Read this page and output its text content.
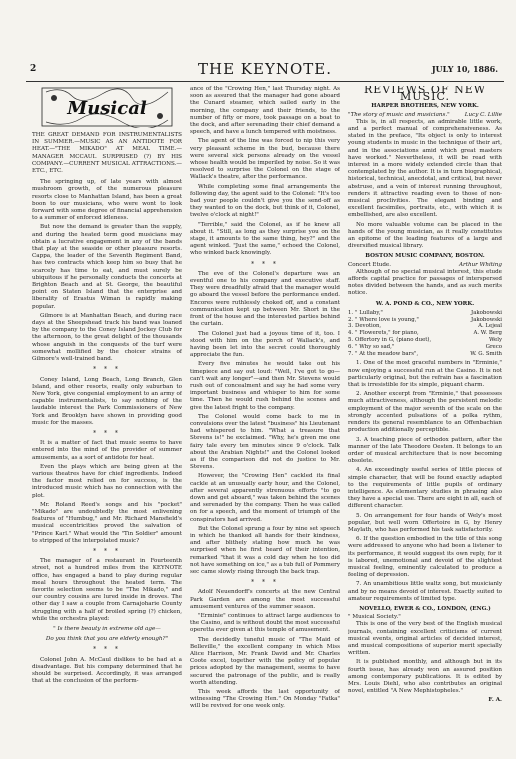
2	THE KEYNOTE.	JULY 10, 1886.
Musical

THE GREAT DEMAND FOR INSTRUMENTALISTS IN SUMMER.—MUSIC AS AN ANTIDOTE FOR HEAT.—"THE MIKADO" AT MEAL TIME.—MANAGER MCCAUL SURPRISED (?) BY HIS COMPANY.—CURRENT MUSICAL ATTRACTIONS.—ETC., ETC.

The springing up, of late years with almost mushroom growth, of the numerous pleasure resorts close to Manhattan Island, has been a great boon to our musicians, who were wont to look forward with some degree of financial apprehension to a summer of enforced idleness.

But now the demand is greater than the supply, and during the heated term good musicians may obtain a lucrative engagement in any of the bands that play at the seaside or other pleasure resorts. Cappa, the leader of the Seventh Regiment Band, has two contracts which keep him so busy that he scarcely has time to eat, and must surely be ubiquitous if he personally conducts the concerts at Brighton Beach and at St. George, the beautiful point on Staten Island that the enterprise and liberality of Erastus Wiman is rapidly making popular.

Gilmore is at Manhattan Beach, and during race days at the Sheepshead track his band was loaned by the company to the Coney Island Jockey Club for the afternoon, to the great delight of the thousands whose anguish in the conquests of the turf were somewhat mollified by the choicer strains of Gilmore's well-trained band.

* * *

Coney Island, Long Beach, Long Branch, Glen Island, and other resorts, really only suburban to New York, give congenial employment to an army of capable instrumentalists, to say nothing of the laudable interest the Park Commissioners of New York and Brooklyn have shown in providing good music for the masses.

* * *

It is a matter of fact that music seems to have entered into the mind of the provider of summer amusements, as a sort of antidote for heat.

Even the plays which are being given at the various theatres have for chief ingredients. Indeed the factor most relied on for success, is the introduced music which has no connection with the plot.

Mr. Roland Reed's songs and his "pocket" "Mikado" are undoubtedly the most enlivening features of "Humbug," and Mr. Richard Mansfield's musical eccentricities proved the salvation of "Prince Karl." What would the "Tin Soldier" amount to stripped of the interpolated music?

* * *

The manager of a restaurant in Fourteenth street, not a hundred miles from the KEYNOTE office, has engaged a band to play during regular meal hours throughout the heated term. The favorite selection seems to be "The Mikado," and our country cousins are lured inside in droves. The other day I saw a couple from Carnajoharie County struggling with a half of broiled spring (?) chicken, while the orchestra played:

" Is there beauty in extreme old age—

Do you think that you are elderly enough?"

* * *

Colonel John A. McCaul dislikes to be had at a disadvantage. But his company determined that he should be surprised. Accordingly, it was arranged that at the conclusion of the perform-

ance of the "Crowing Hen," last Thursday night. As soon as assured that the manager had gone aboard the Cunard steamer, which sailed early in the morning, the company and their friends, to the number of fifty or more, took passage on a boat to the dock, and after serenading their chief demand a speech, and have a lunch tempered with moistness.

The agent of the line was forced to nip this very very pleasant scheme in the bud, because there were several sick persons already on the vessel whose health would be imperiled by noise. So it was resolved to surprise the Colonel on the stage of Wallack's theatre, after the performance.

While completing some final arrangements the following day, the agent said to the Colonel: "It's too bad your people couldn't give you the send-off as they wanted to on the dock, but think of it, Colonel, twelve o'clock at night!"

"Terrible," said the Colonel, as if he knew all about it. "Still, as long as they surprise you on the stage, it amounts to the same thing, hey?" and the agent winked. "Just the same," echoed the Colonel, who winked back knowingly.

* * *

The eve of the Colonel's departure was an eventful one to his company and executive staff. They were dreadfully afraid that the manager would go aboard the vessel before the performance ended. Encores were ruthlessly choked off, and a constant communication kept up between Mr. Short in the front of the house and the interested parties behind the curtain.

The Colonel just had a joyous time of it, too. I stood with him on the porch of Wallack's, and having been let into the secret could thoroughly appreciate the fun.

Every five minutes he would take out his timepiece and say out loud: "Well, I've got to go—can't wait any longer"—and then Mr. Stevens would rush out of concealment and say he had some very important business and whisper to him for some time. Then he would rush behind the scenes and give the latest fright to the company.

The Colonel would come back to me in convulsions over the latest "business" his Lieutenant had whispered to him. "What a treasure that Stevens is!" he exclaimed. "Why, he's given me one fairy tale every ten minutes since 9 o'clock. Talk about the Arabian Nights!" and the Colonel looked as if the comparison did not do justice to Mr. Stevens.

However, the "Crowing Hen" cackled its final cackle at an unusually early hour, and the Colonel, after several apparently strenuous efforts "to go down and get aboard," was taken behind the scenes and serenaded by the company. Then he was called on for a speech, and the moment of triumph of the conspirators had arrived.

But the Colonel sprung a four by nine set speech in which he thanked all hands for their kindness, and after blithely stating how much he was surprised when he first heard of their intention, remarked "that it was a cold day when he too did not have something on ice," as a tub full of Pommery sec came slowly rising through the back trap.

* * *

Adolf Neuendorff's concerts at the new Central Park Garden are among the most successful amusement ventures of the summer season.

"Erminie" continues to attract large audiences to the Casino, and is without doubt the most successful operetta ever given at this temple of amusement.

The decidedly tuneful music of "The Maid of Belleville," the excellent company in which Miss Alice Harrison, Mr. Frank David and Mr. Charles Coote excel, together with the policy of popular prices adopted by the management, seems to have secured the patronage of the public, and is really worth attending.

This week affords the last opportunity of witnessing "The Crowing Hen." On Monday "Fatka" will be revived for one week only.

REVIEWS OF NEW MUSIC.
HARPER BROTHERS, NEW YORK.
"The story of music and musicians."	Lucy C. Lillie

This is, in all respects, an admirable little work, and a perfect manual of comprehensiveness. As stated in the preface, "Its object is only to interest young students in music in the technique of their art, and in the associations amid which great masters have worked." Nevertheless, it will be read with interest in a more widely extended circle than that contemplated by the author. It is in turn biographical, historical, technical, anecdotal, and critical, but never abstruse, and a vein of interest running throughout, renders it attractive reading even to those of non-musical proclivities. The elegant binding and excellent facsimiles, portraits, etc., with which it is embellished, are also excellent.

No more valuable volume can be placed in the hands of the young musician, as it really constitutes an epitome of the leading features of a large and diversified musical library.

BOSTON MUSIC COMPANY, BOSTON.
Concert Etude.	Arthur Whiting

Although of no special musical interest, this etude affords capital practice for passages of interspersed notes divided between the hands, and as such merits notice.

W. A. POND & CO., NEW YORK.
1.	" Lullaby,"	Jakobowski
2.	" Where love is young,"	Jakobowski
3.	Devotion,	A. Lejeal
4.	" Flowerets," for piano,	A. W. Berg
5.	Offertory in G, (piano duet),	Wely
6.	" Why so sad,"	Greco
7.	" At the meadow bars",	W. G. Smith

1. One of the most graceful numbers in "Erminie," now enjoying a successful run at the Casino. It is not particularly original, but the refrain has a fascination that is irresistible for its simple, piquant charm.

2. Another excerpt from "Erminie," that possesses much attractiveness, although the persistent melodic employment of the major seventh of the scale on the strongly accented pulsations of a polka rythm, renders its general resemblance to an Offenbachian production additionally perceptible.

3. A teaching piece of orthodox pattern, after the manner of the late Theodore Oesten. It belongs to an order of musical architecture that is now becoming obsolete.

4. An exceedingly useful series of little pieces of simple character, that will be found exactly adapted to the requirements of little pupils of ordinary intelligence. As elementary studies in phrasing also they have a special use. There are eight in all, each of different character.

5. On arrangement for four hands of Wely's most popular, but well worn Offertoire in G, by Henry Maylath, who has performed his task satisfactorily.

6. If the question embodied in the title of this song were addressed to anyone who had been a listener to its performance, it would suggest its own reply, for it is labored, unemotional and devoid of the slightest musical feeling, eminently calculated to produce a feeling of depression.

7. An unambitious little waltz song, but musicianly and by no means devoid of interest. Exactly suited to amateur requirements of limited type.

NOVELLO, EWER & CO., LONDON, (ENG.)
" Musical Society."

This is one of the very best of the English musical journals, containing excellent criticisms of current musical events, original articles of decided interest, and musical compositions of superior merit specially written.

It is published monthly, and although but in its fourth issue, has already won an assured position among contemporary publications. It is edited by Mrs. Louis Diehl, who also contributes an original novel, entitled "A New Mephistopheles."

F. A.
